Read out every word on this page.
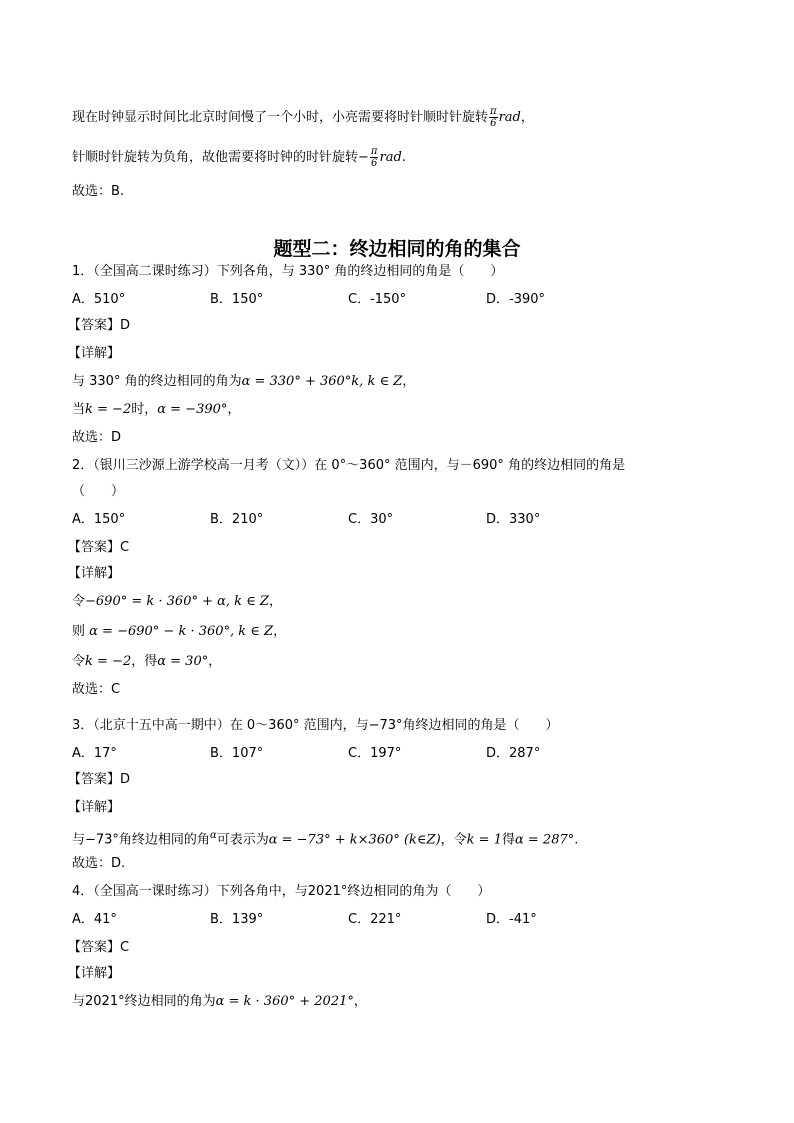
现在时钟显示时间比北京时间慢了一个小时，小亮需要将时针顺时针旋转 $\frac{\pi}{6}$ rad，
针顺时针旋转为负角，故他需要将时钟的时针旋转− $\frac{\pi}{6}$ rad.
故选：B.
题型二：终边相同的角的集合
1．（全国高二课时练习）下列各角，与 330° 角的终边相同的角是（　　）
A．510°	B．150°	C．-150°	D．-390°
【答案】D
【详解】
与 330° 角的终边相同的角为α = 330° + 360°k, k ∈ Z，
当k = −2时，α = −390°，
故选：D
2．（银川三沙源上游学校高一月考（文））在 0°～360° 范围内，与－690° 角的终边相同的角是
（　　）
A．150°	B．210°	C．30°	D．330°
【答案】C
【详解】
令−690° = k · 360° + α, k ∈ Z，
则 α = −690° − k · 360°, k ∈ Z，
令k = −2，得α = 30°，
故选：C
3．（北京十五中高一期中）在 0～360° 范围内，与−73°角终边相同的角是（　　）
A．17°	B．107°	C．197°	D．287°
【答案】D
【详解】
与−73°角终边相同的角$^\alpha$可表示为α = −73° + k×360° (k∈Z)，令k = 1得α = 287°.
故选：D.
4．（全国高一课时练习）下列各角中，与2021°终边相同的角为（　　）
A．41°	B．139°	C．221°	D．-41°
【答案】C
【详解】
与2021°终边相同的角为α = k · 360° + 2021°，
